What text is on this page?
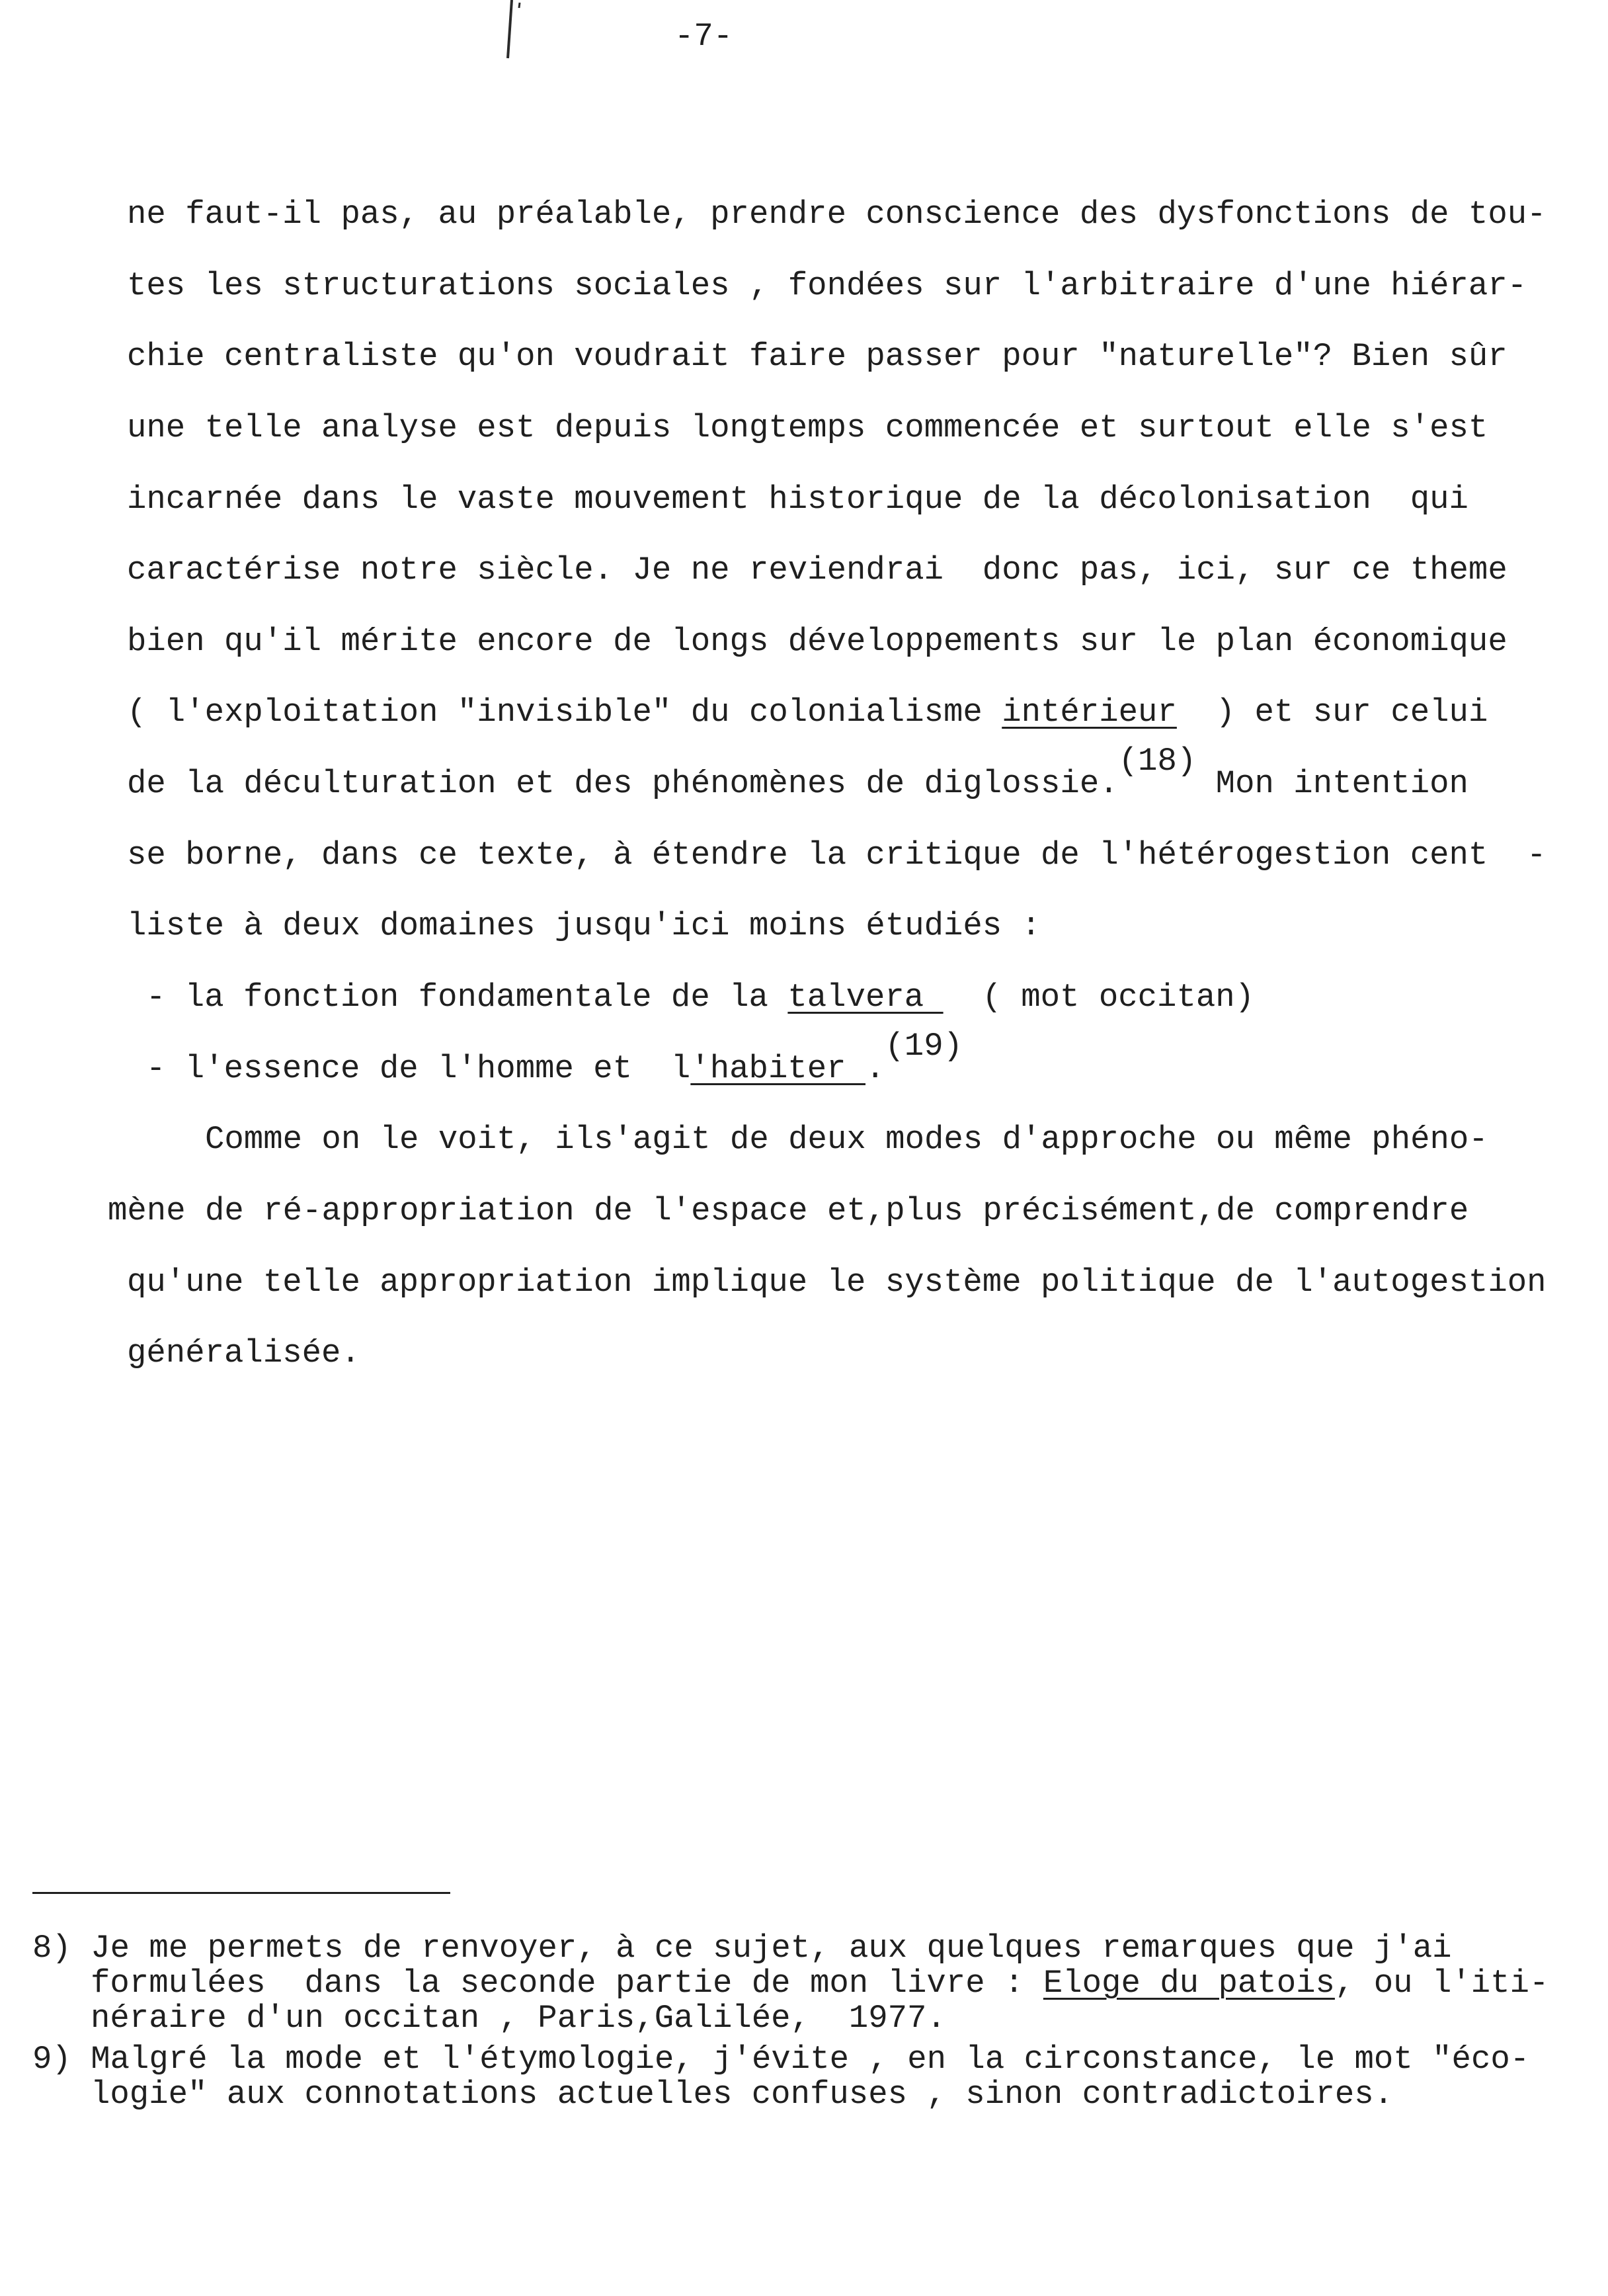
-7-
ne faut-il pas, au préalable, prendre conscience des dysfonctions de tou-
tes les structurations sociales , fondées sur l'arbitraire d'une hiérar-
chie centraliste qu'on voudrait faire passer pour "naturelle"? Bien sûr
une telle analyse est depuis longtemps commencée et surtout elle s'est
incarnée dans le vaste mouvement historique de la décolonisation  qui
caractérise notre siècle. Je ne reviendrai  donc pas, ici, sur ce theme
bien qu'il mérite encore de longs développements sur le plan économique
( l'exploitation "invisible" du colonialisme intérieur  ) et sur celui
de la déculturation et des phénomènes de diglossie.(18) Mon intention
se borne, dans ce texte, à étendre la critique de l'hétérogestion cent  -
liste à deux domaines jusqu'ici moins étudiés :
- la fonction fondamentale de la talvera   ( mot occitan)
- l'essence de l'homme et  l'habiter .(19)
Comme on le voit, ils'agit de deux modes d'approche ou même phéno-
mène de ré-appropriation de l'espace et,plus précisément,de comprendre
qu'une telle appropriation implique le système politique de l'autogestion
généralisée.
8) Je me permets de renvoyer, à ce sujet, aux quelques remarques que j'ai
formulées  dans la seconde partie de mon livre : Eloge du patois, ou l'iti-
néraire d'un occitan , Paris,Galilée,  1977.
9) Malgré la mode et l'étymologie, j'évite , en la circonstance, le mot "éco-
logie" aux connotations actuelles confuses , sinon contradictoires.
